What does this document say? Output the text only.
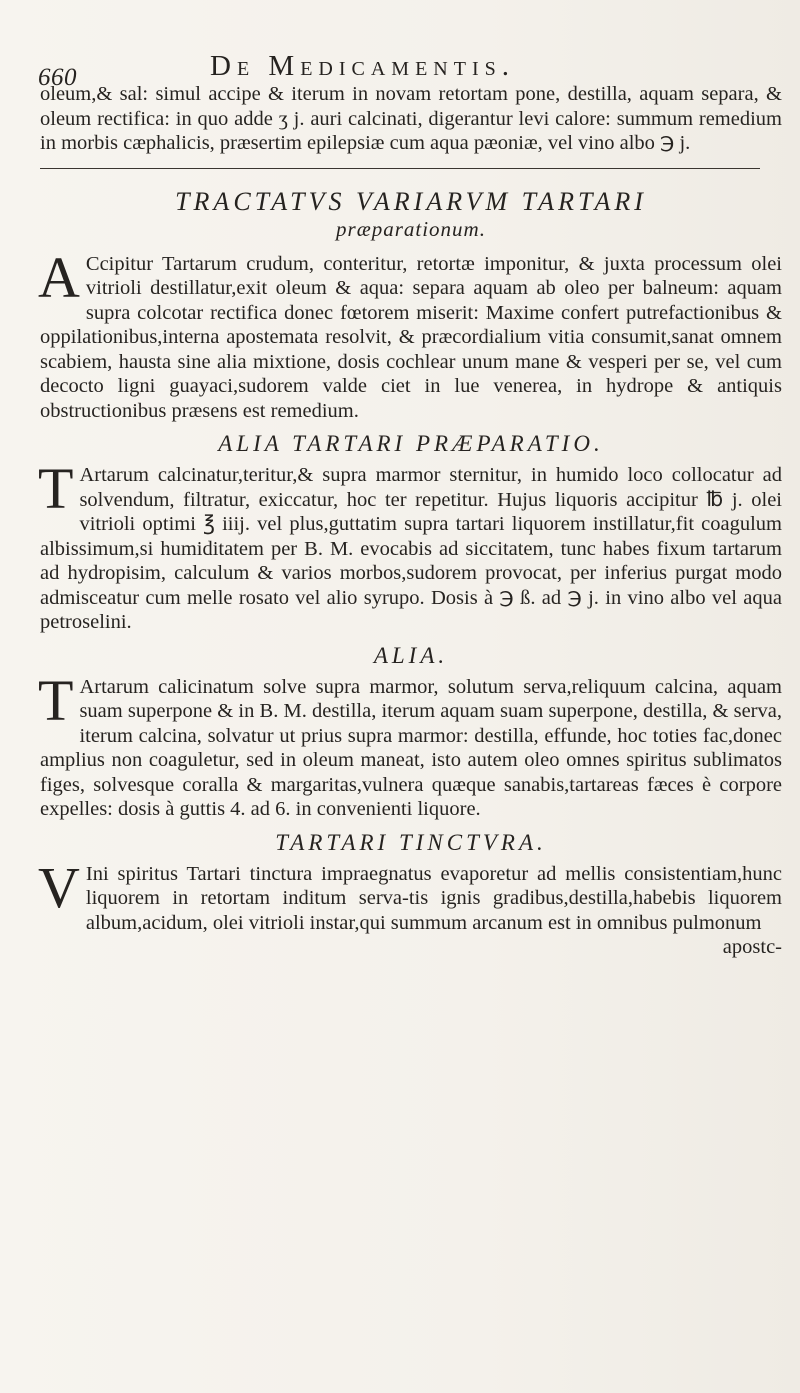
660	De Medicamentis.

oleum,& sal: simul accipe & iterum in novam retortam pone, destilla, aquam separa, & oleum rectifica: in quo adde ʒ j. auri calcinati, digerantur levi calore: summum remedium in morbis cæphalicis, præsertim epilepsiæ cum aqua pæoniæ, vel vino albo ℈ j.

TRACTATVS VARIARVM TARTARI
præparationum.

A Ccipitur Tartarum crudum, conteritur, retortæ imponitur, & juxta processum olei vitrioli destillatur,exit oleum & aqua: separa aquam ab oleo per balneum: aquam supra colcotar rectifica donec fœtorem miserit: Maxime confert putrefactionibus & oppilationibus,interna apostemata resolvit, & præcordialium vitia consumit,sanat omnem scabiem, hausta sine alia mixtione, dosis cochlear unum mane & vesperi per se, vel cum decocto ligni guayaci,sudorem valde ciet in lue venerea, in hydrope & antiquis obstructionibus præsens est remedium.

ALIA TARTARI PRÆPARATIO.

T Artarum calcinatur,teritur,& supra marmor sternitur, in humido loco collocatur ad solvendum, filtratur, exiccatur, hoc ter repetitur. Hujus liquoris accipitur ℔ j. olei vitrioli optimi ℥ iiij. vel plus,guttatim supra tartari liquorem instillatur,fit coagulum albissimum,si humiditatem per B. M. evocabis ad siccitatem, tunc habes fixum tartarum ad hydropisim, calculum & varios morbos,sudorem provocat, per inferius purgat modo admisceatur cum melle rosato vel alio syrupo. Dosis à ℈ ß. ad ℈ j. in vino albo vel aqua petroselini.

ALIA.

T Artarum calicinatum solve supra marmor, solutum serva,reliquum calcina, aquam suam superpone & in B. M. destilla, iterum aquam suam superpone, destilla, & serva, iterum calcina, solvatur ut prius supra marmor: destilla, effunde, hoc toties fac,donec amplius non coaguletur, sed in oleum maneat, isto autem oleo omnes spiritus sublimatos figes, solvesque coralla & margaritas,vulnera quæque sanabis,tartareas fæces è corpore expelles: dosis à guttis 4. ad 6. in convenienti liquore.

TARTARI TINCTVRA.

V Ini spiritus Tartari tinctura impraegnatus evaporetur ad mellis consistentiam,hunc liquorem in retortam inditum serva-tis ignis gradibus,destilla,habebis liquorem album,acidum, olei vitrioli instar,qui summum arcanum est in omnibus pulmonum

apostc-
